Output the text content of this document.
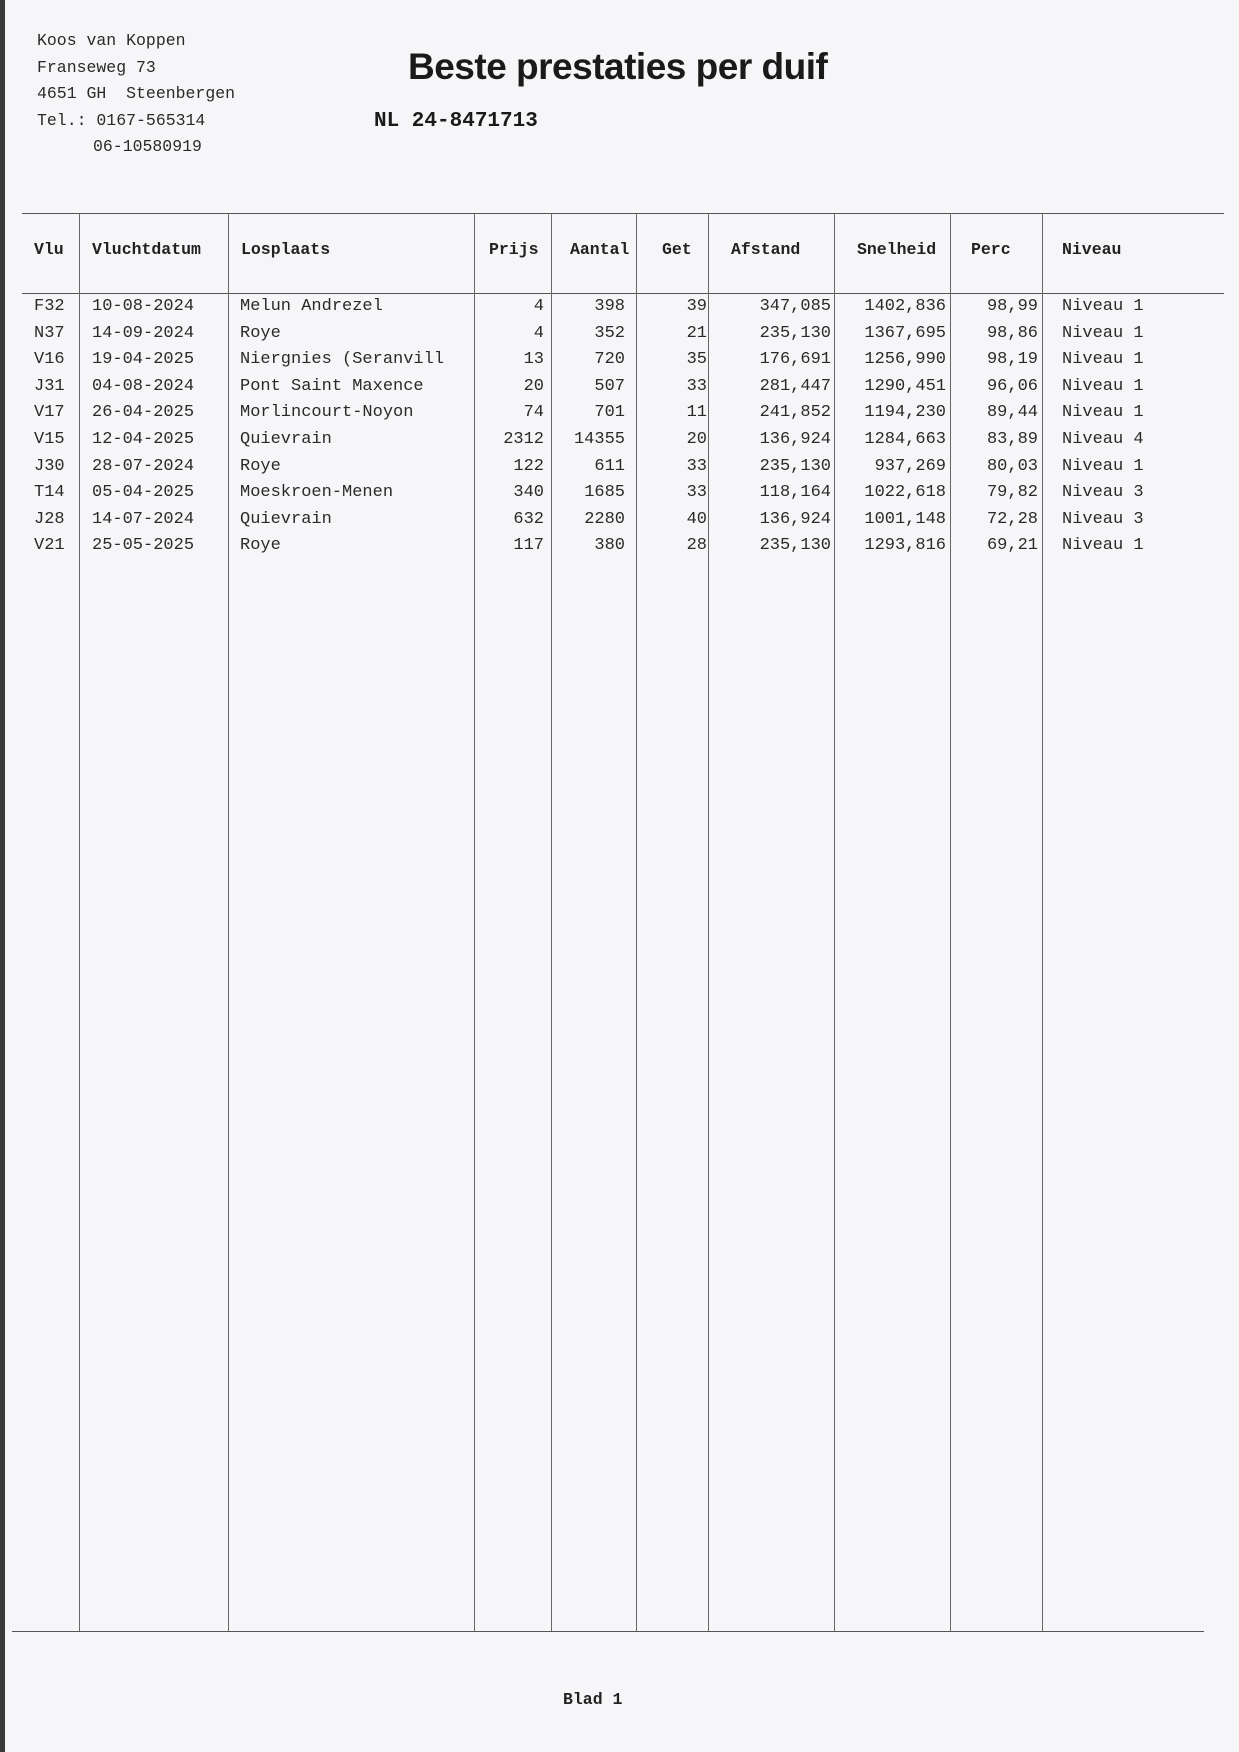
Koos van Koppen
Franseweg 73
4651 GH  Steenbergen
Tel.: 0167-565314
06-10580919
Beste prestaties per duif
NL 24-8471713
Vlu Vluchtdatum Losplaats	Prijs Aantal Get Afstand	Snelheid Perc	Niveau
F32 10-08-2024	Melun Andrezel	4	398	39	347,085 1402,836 98,99 Niveau 1
N37 14-09-2024	Roye	4	352	21	235,130 1367,695 98,86 Niveau 1
V16 19-04-2025	Niergnies (Seranvill	13	720	35	176,691 1256,990 98,19 Niveau 1
J31 04-08-2024	Pont Saint Maxence	20	507	33	281,447 1290,451 96,06 Niveau 1
V17 26-04-2025	Morlincourt-Noyon	74	701	11	241,852 1194,230 89,44 Niveau 1
V15 12-04-2025	Quievrain	2312 14355	20	136,924 1284,663 83,89 Niveau 4
J30 28-07-2024	Roye	122	611	33	235,130	937,269 80,03 Niveau 1
T14 05-04-2025	Moeskroen-Menen	340 1685	33	118,164 1022,618 79,82 Niveau 3
J28 14-07-2024	Quievrain	632 2280	40	136,924 1001,148 72,28 Niveau 3
V21 25-05-2025	Roye	117	380	28	235,130 1293,816 69,21 Niveau 1
Blad 1
